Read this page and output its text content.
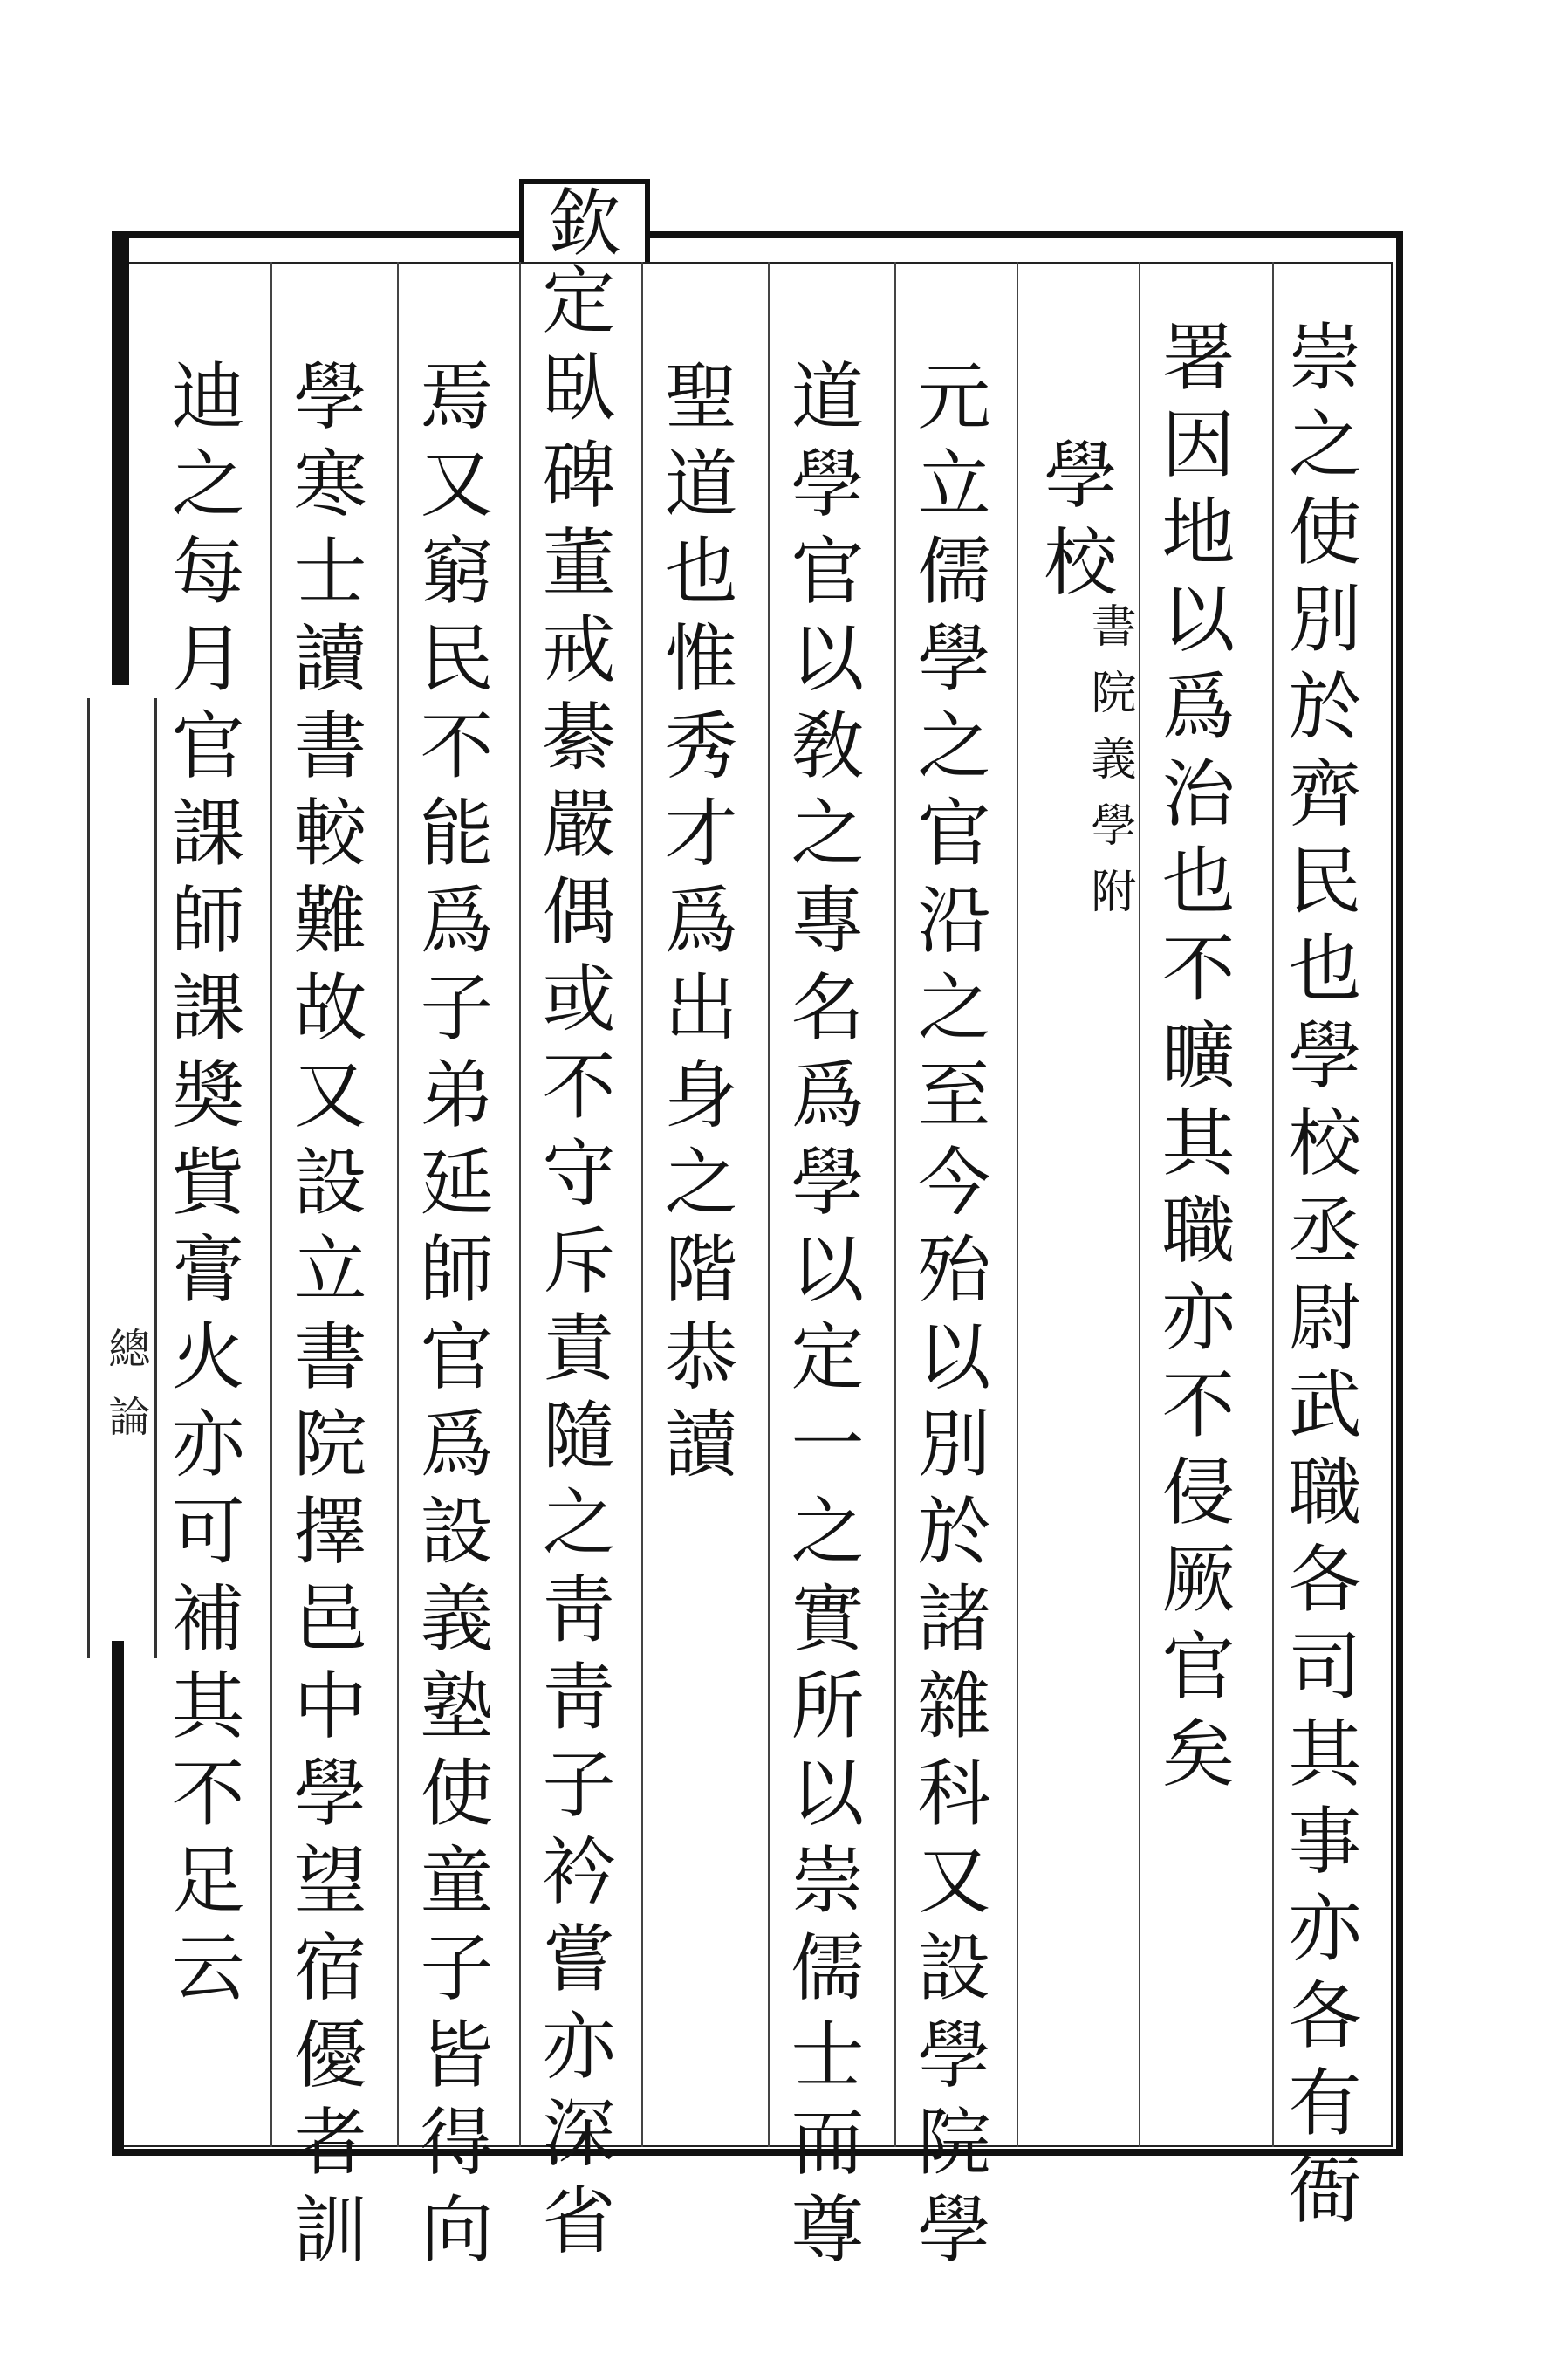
欽
崇之使別於齊民也學校丞尉武職各司其事亦各有衙
署因地以爲治也不曠其職亦不侵厥官矣
學校
書院義學附
元立儒學之官沿之至今殆以別於諸雜科又設學院學
道學官以敎之專名爲學以定一之實所以崇儒士而尊
聖道也惟秀才爲出身之階恭讀
定臥碑董戒綦嚴偶或不守斥責隨之靑靑子衿嘗亦深省
焉又窮民不能爲子弟延師官爲設義塾使童子皆得向
學寒士讀書較難故又設立書院擇邑中學望宿優者訓
迪之每月官課師課奬貲膏火亦可補其不足云
總論
